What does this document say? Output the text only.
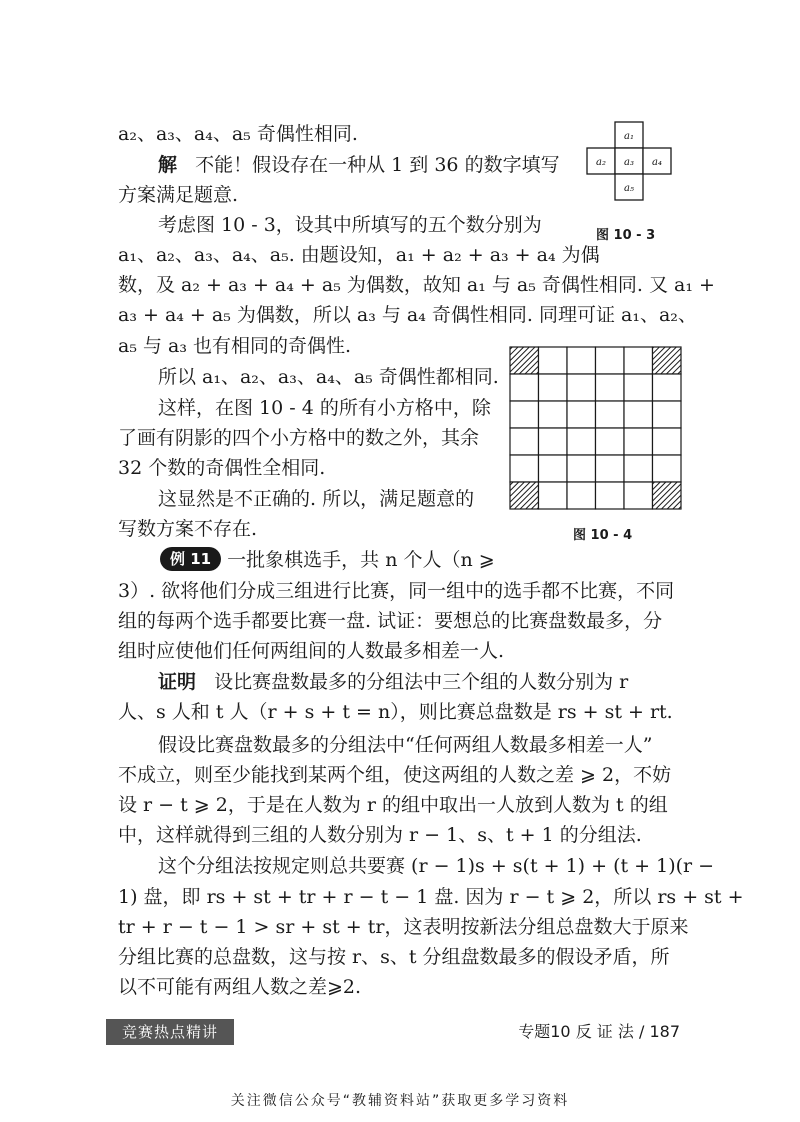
a₂、a₃、a₄、a₅ 奇偶性相同.

解 不能！假设存在一种从 1 到 36 的数字填写

方案满足题意.

考虑图 10 - 3，设其中所填写的五个数分别为

a₁、a₂、a₃、a₄、a₅. 由题设知，a₁ + a₂ + a₃ + a₄ 为偶

数，及 a₂ + a₃ + a₄ + a₅ 为偶数，故知 a₁ 与 a₅ 奇偶性相同. 又 a₁ +

a₃ + a₄ + a₅ 为偶数，所以 a₃ 与 a₄ 奇偶性相同. 同理可证 a₁、a₂、

a₅ 与 a₃ 也有相同的奇偶性.

所以 a₁、a₂、a₃、a₄、a₅ 奇偶性都相同.

这样，在图 10 - 4 的所有小方格中，除

了画有阴影的四个小方格中的数之外，其余

32 个数的奇偶性全相同.

这显然是不正确的. 所以，满足题意的

写数方案不存在.

例 11 一批象棋选手，共 n 个人（n ⩾

3）. 欲将他们分成三组进行比赛，同一组中的选手都不比赛，不同

组的每两个选手都要比赛一盘. 试证：要想总的比赛盘数最多，分

组时应使他们任何两组间的人数最多相差一人.

证明 设比赛盘数最多的分组法中三个组的人数分别为 r

人、s 人和 t 人（r + s + t = n），则比赛总盘数是 rs + st + rt.

假设比赛盘数最多的分组法中“任何两组人数最多相差一人”

不成立，则至少能找到某两个组，使这两组的人数之差 ⩾ 2，不妨

设 r − t ⩾ 2，于是在人数为 r 的组中取出一人放到人数为 t 的组

中，这样就得到三组的人数分别为 r − 1、s、t + 1 的分组法.

这个分组法按规定则总共要赛 (r − 1)s + s(t + 1) + (t + 1)(r −

1) 盘，即 rs + st + tr + r − t − 1 盘. 因为 r − t ⩾ 2，所以 rs + st +

tr + r − t − 1 > sr + st + tr，这表明按新法分组总盘数大于原来

分组比赛的总盘数，这与按 r、s、t 分组盘数最多的假设矛盾，所

以不可能有两组人数之差⩾2.

a₁
a₂ a₃ a₄
a₅
图 10 - 3
图 10 - 4
竞赛热点精讲	专题10 反 证 法 / 187
关注微信公众号“教辅资料站”获取更多学习资料
